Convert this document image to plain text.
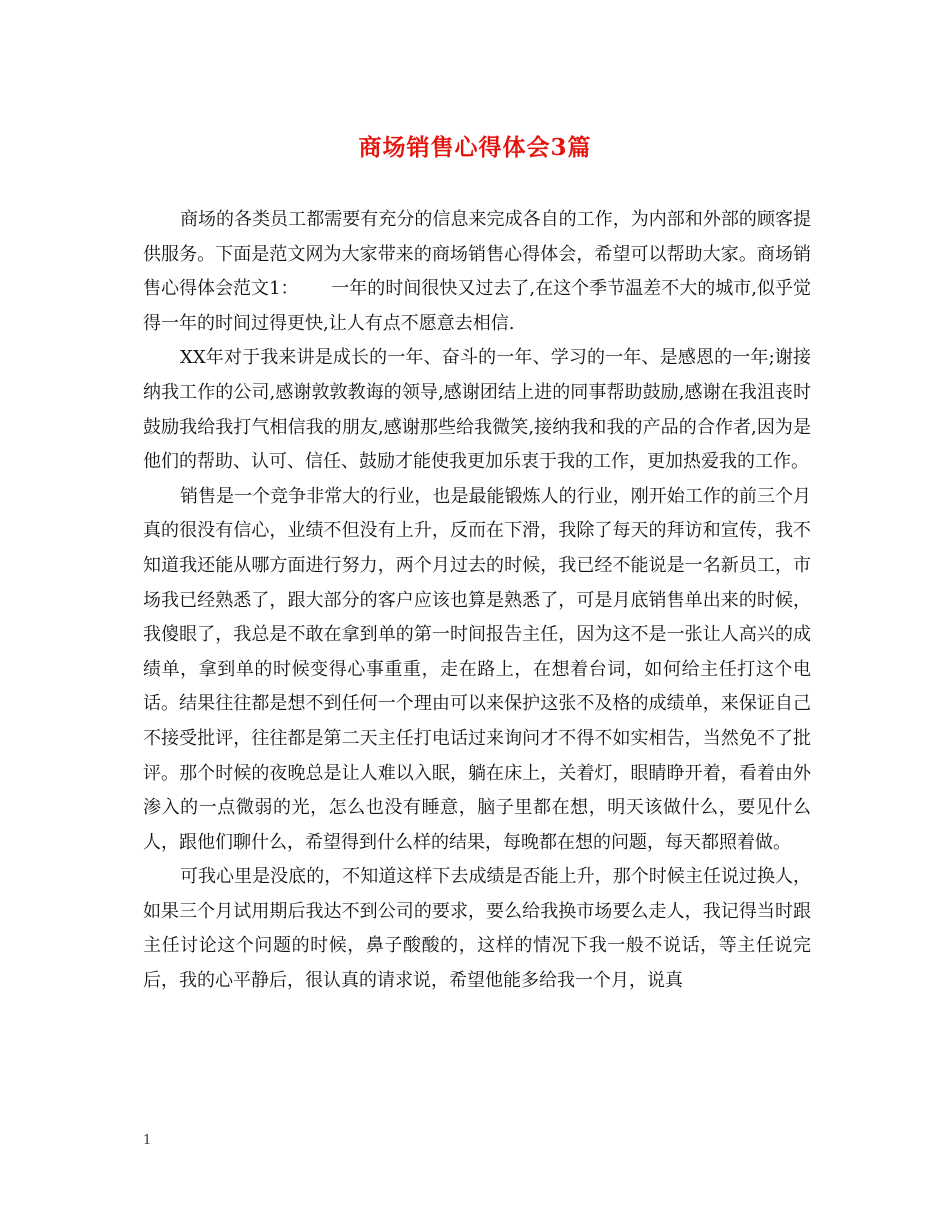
商场销售心得体会3篇

商场的各类员工都需要有充分的信息来完成各自的工作，为内部和外部的顾客提供服务。下面是范文网为大家带来的商场销售心得体会，希望可以帮助大家。商场销售心得体会范文1：　　 一年的时间很快又过去了,在这个季节温差不大的城市,似乎觉得一年的时间过得更快,让人有点不愿意去相信.

XX年对于我来讲是成长的一年、奋斗的一年、学习的一年、是感恩的一年;谢接纳我工作的公司,感谢敦敦教诲的领导,感谢团结上进的同事帮助鼓励,感谢在我沮丧时鼓励我给我打气相信我的朋友,感谢那些给我微笑,接纳我和我的产品的合作者,因为是他们的帮助、认可、信任、鼓励才能使我更加乐衷于我的工作，更加热爱我的工作。

销售是一个竞争非常大的行业，也是最能锻炼人的行业，刚开始工作的前三个月真的很没有信心，业绩不但没有上升，反而在下滑，我除了每天的拜访和宣传，我不知道我还能从哪方面进行努力，两个月过去的时候，我已经不能说是一名新员工，市场我已经熟悉了，跟大部分的客户应该也算是熟悉了，可是月底销售单出来的时候，我傻眼了，我总是不敢在拿到单的第一时间报告主任，因为这不是一张让人高兴的成绩单，拿到单的时候变得心事重重，走在路上，在想着台词，如何给主任打这个电话。结果往往都是想不到任何一个理由可以来保护这张不及格的成绩单，来保证自己不接受批评，往往都是第二天主任打电话过来询问才不得不如实相告，当然免不了批评。那个时候的夜晚总是让人难以入眠，躺在床上，关着灯，眼睛睁开着，看着由外渗入的一点微弱的光，怎么也没有睡意，脑子里都在想，明天该做什么，要见什么人，跟他们聊什么，希望得到什么样的结果，每晚都在想的问题，每天都照着做。

可我心里是没底的，不知道这样下去成绩是否能上升，那个时候主任说过换人，如果三个月试用期后我达不到公司的要求，要么给我换市场要么走人，我记得当时跟主任讨论这个问题的时候，鼻子酸酸的，这样的情况下我一般不说话，等主任说完后，我的心平静后，很认真的请求说，希望他能多给我一个月，说真

1
